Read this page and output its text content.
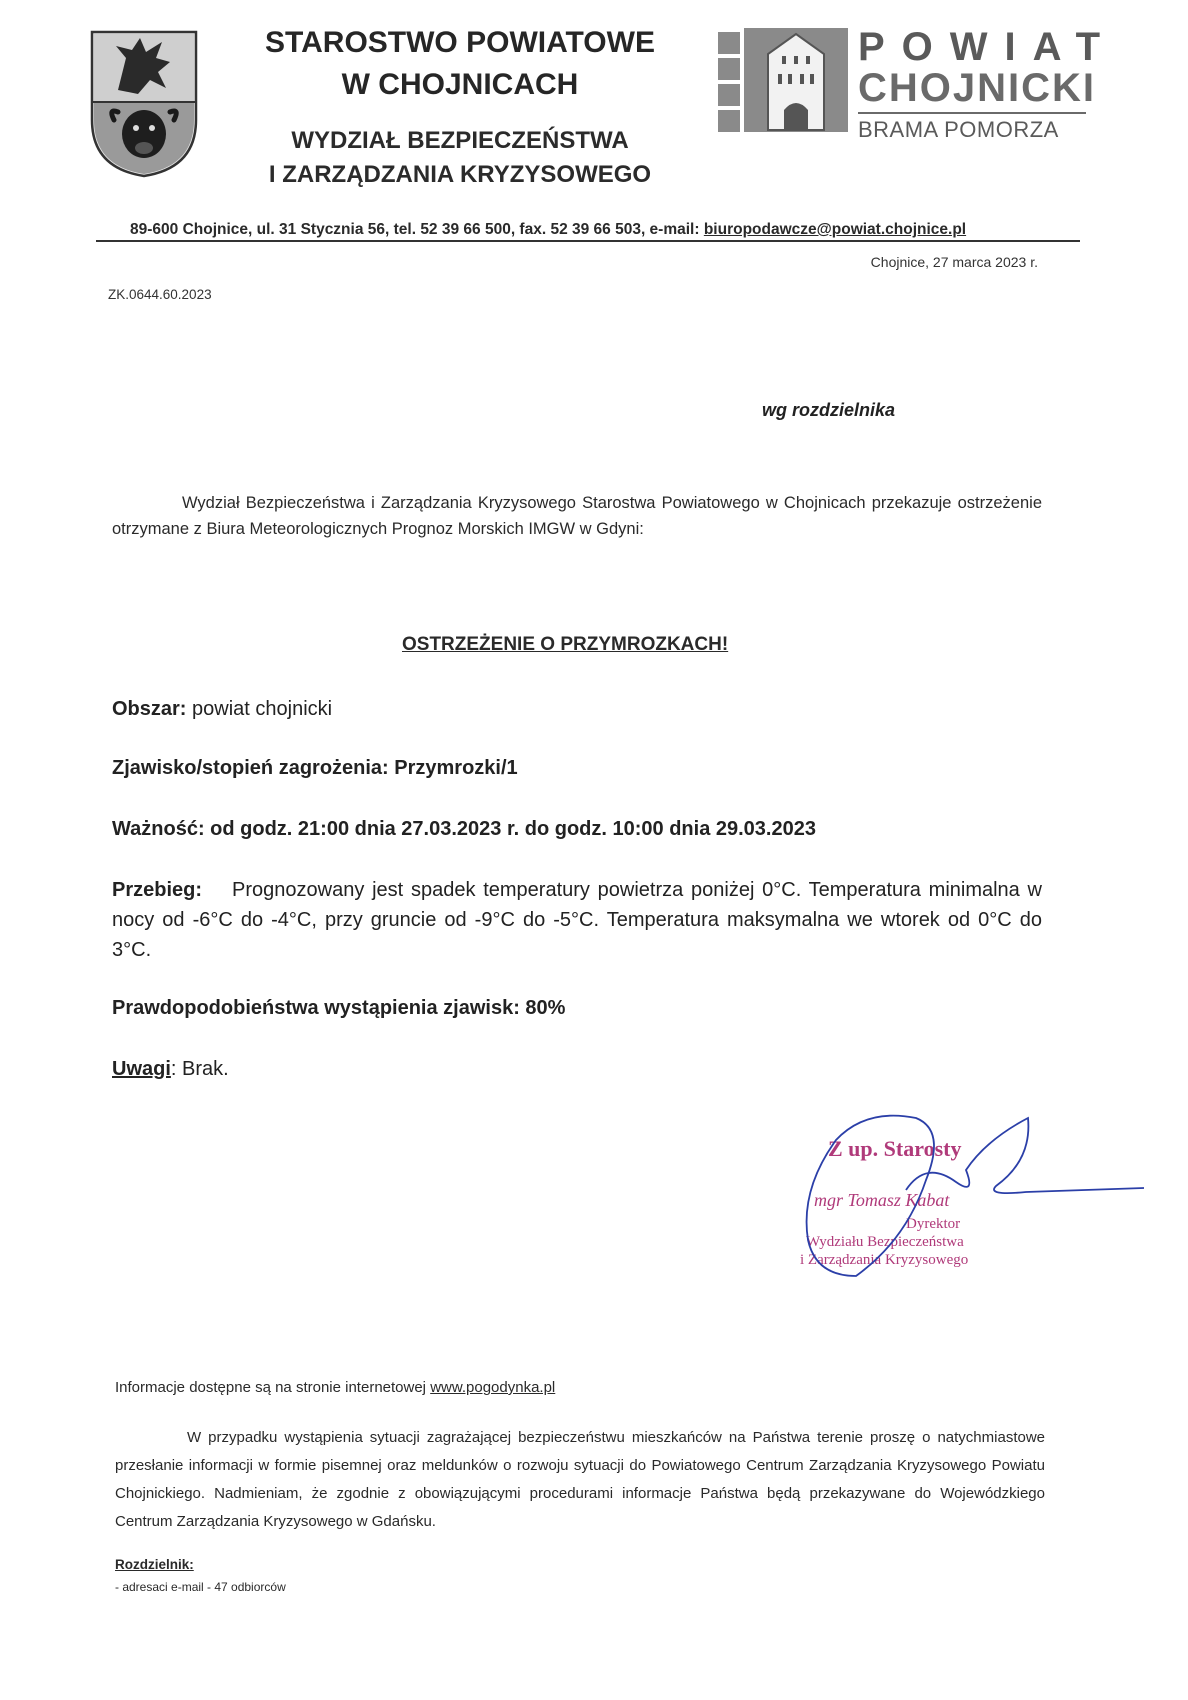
STAROSTWO POWIATOWE
W CHOJNICACH
WYDZIAŁ BEZPIECZEŃSTWA
I ZARZĄDZANIA KRYZYSOWEGO
POWIAT
CHOJNICKI
BRAMA POMORZA
89-600 Chojnice, ul. 31 Stycznia 56, tel. 52 39 66 500, fax. 52 39 66 503, e-mail: biuropodawcze@powiat.chojnice.pl
Chojnice, 27 marca 2023 r.
ZK.0644.60.2023
wg rozdzielnika
Wydział Bezpieczeństwa i Zarządzania Kryzysowego Starostwa Powiatowego w Chojnicach przekazuje ostrzeżenie otrzymane z Biura Meteorologicznych Prognoz Morskich IMGW w Gdyni:
OSTRZEŻENIE O PRZYMROZKACH!
Obszar: powiat chojnicki
Zjawisko/stopień zagrożenia: Przymrozki/1
Ważność: od godz. 21:00 dnia 27.03.2023 r. do godz. 10:00 dnia 29.03.2023
Przebieg: Prognozowany jest spadek temperatury powietrza poniżej 0°C. Temperatura minimalna w nocy od -6°C do -4°C, przy gruncie od -9°C do -5°C. Temperatura maksymalna we wtorek od 0°C do 3°C.
Prawdopodobieństwa wystąpienia zjawisk: 80%
Uwagi: Brak.
Z up. Starosty
mgr Tomasz Kabat
Dyrektor
Wydziału Bezpieczeństwa
i Zarządzania Kryzysowego
Informacje dostępne są na stronie internetowej www.pogodynka.pl
W przypadku wystąpienia sytuacji zagrażającej bezpieczeństwu mieszkańców na Państwa terenie proszę o natychmiastowe przesłanie informacji w formie pisemnej oraz meldunków o rozwoju sytuacji do Powiatowego Centrum Zarządzania Kryzysowego Powiatu Chojnickiego. Nadmieniam, że zgodnie z obowiązującymi procedurami informacje Państwa będą przekazywane do Wojewódzkiego Centrum Zarządzania Kryzysowego w Gdańsku.
Rozdzielnik:
- adresaci e-mail - 47 odbiorców
